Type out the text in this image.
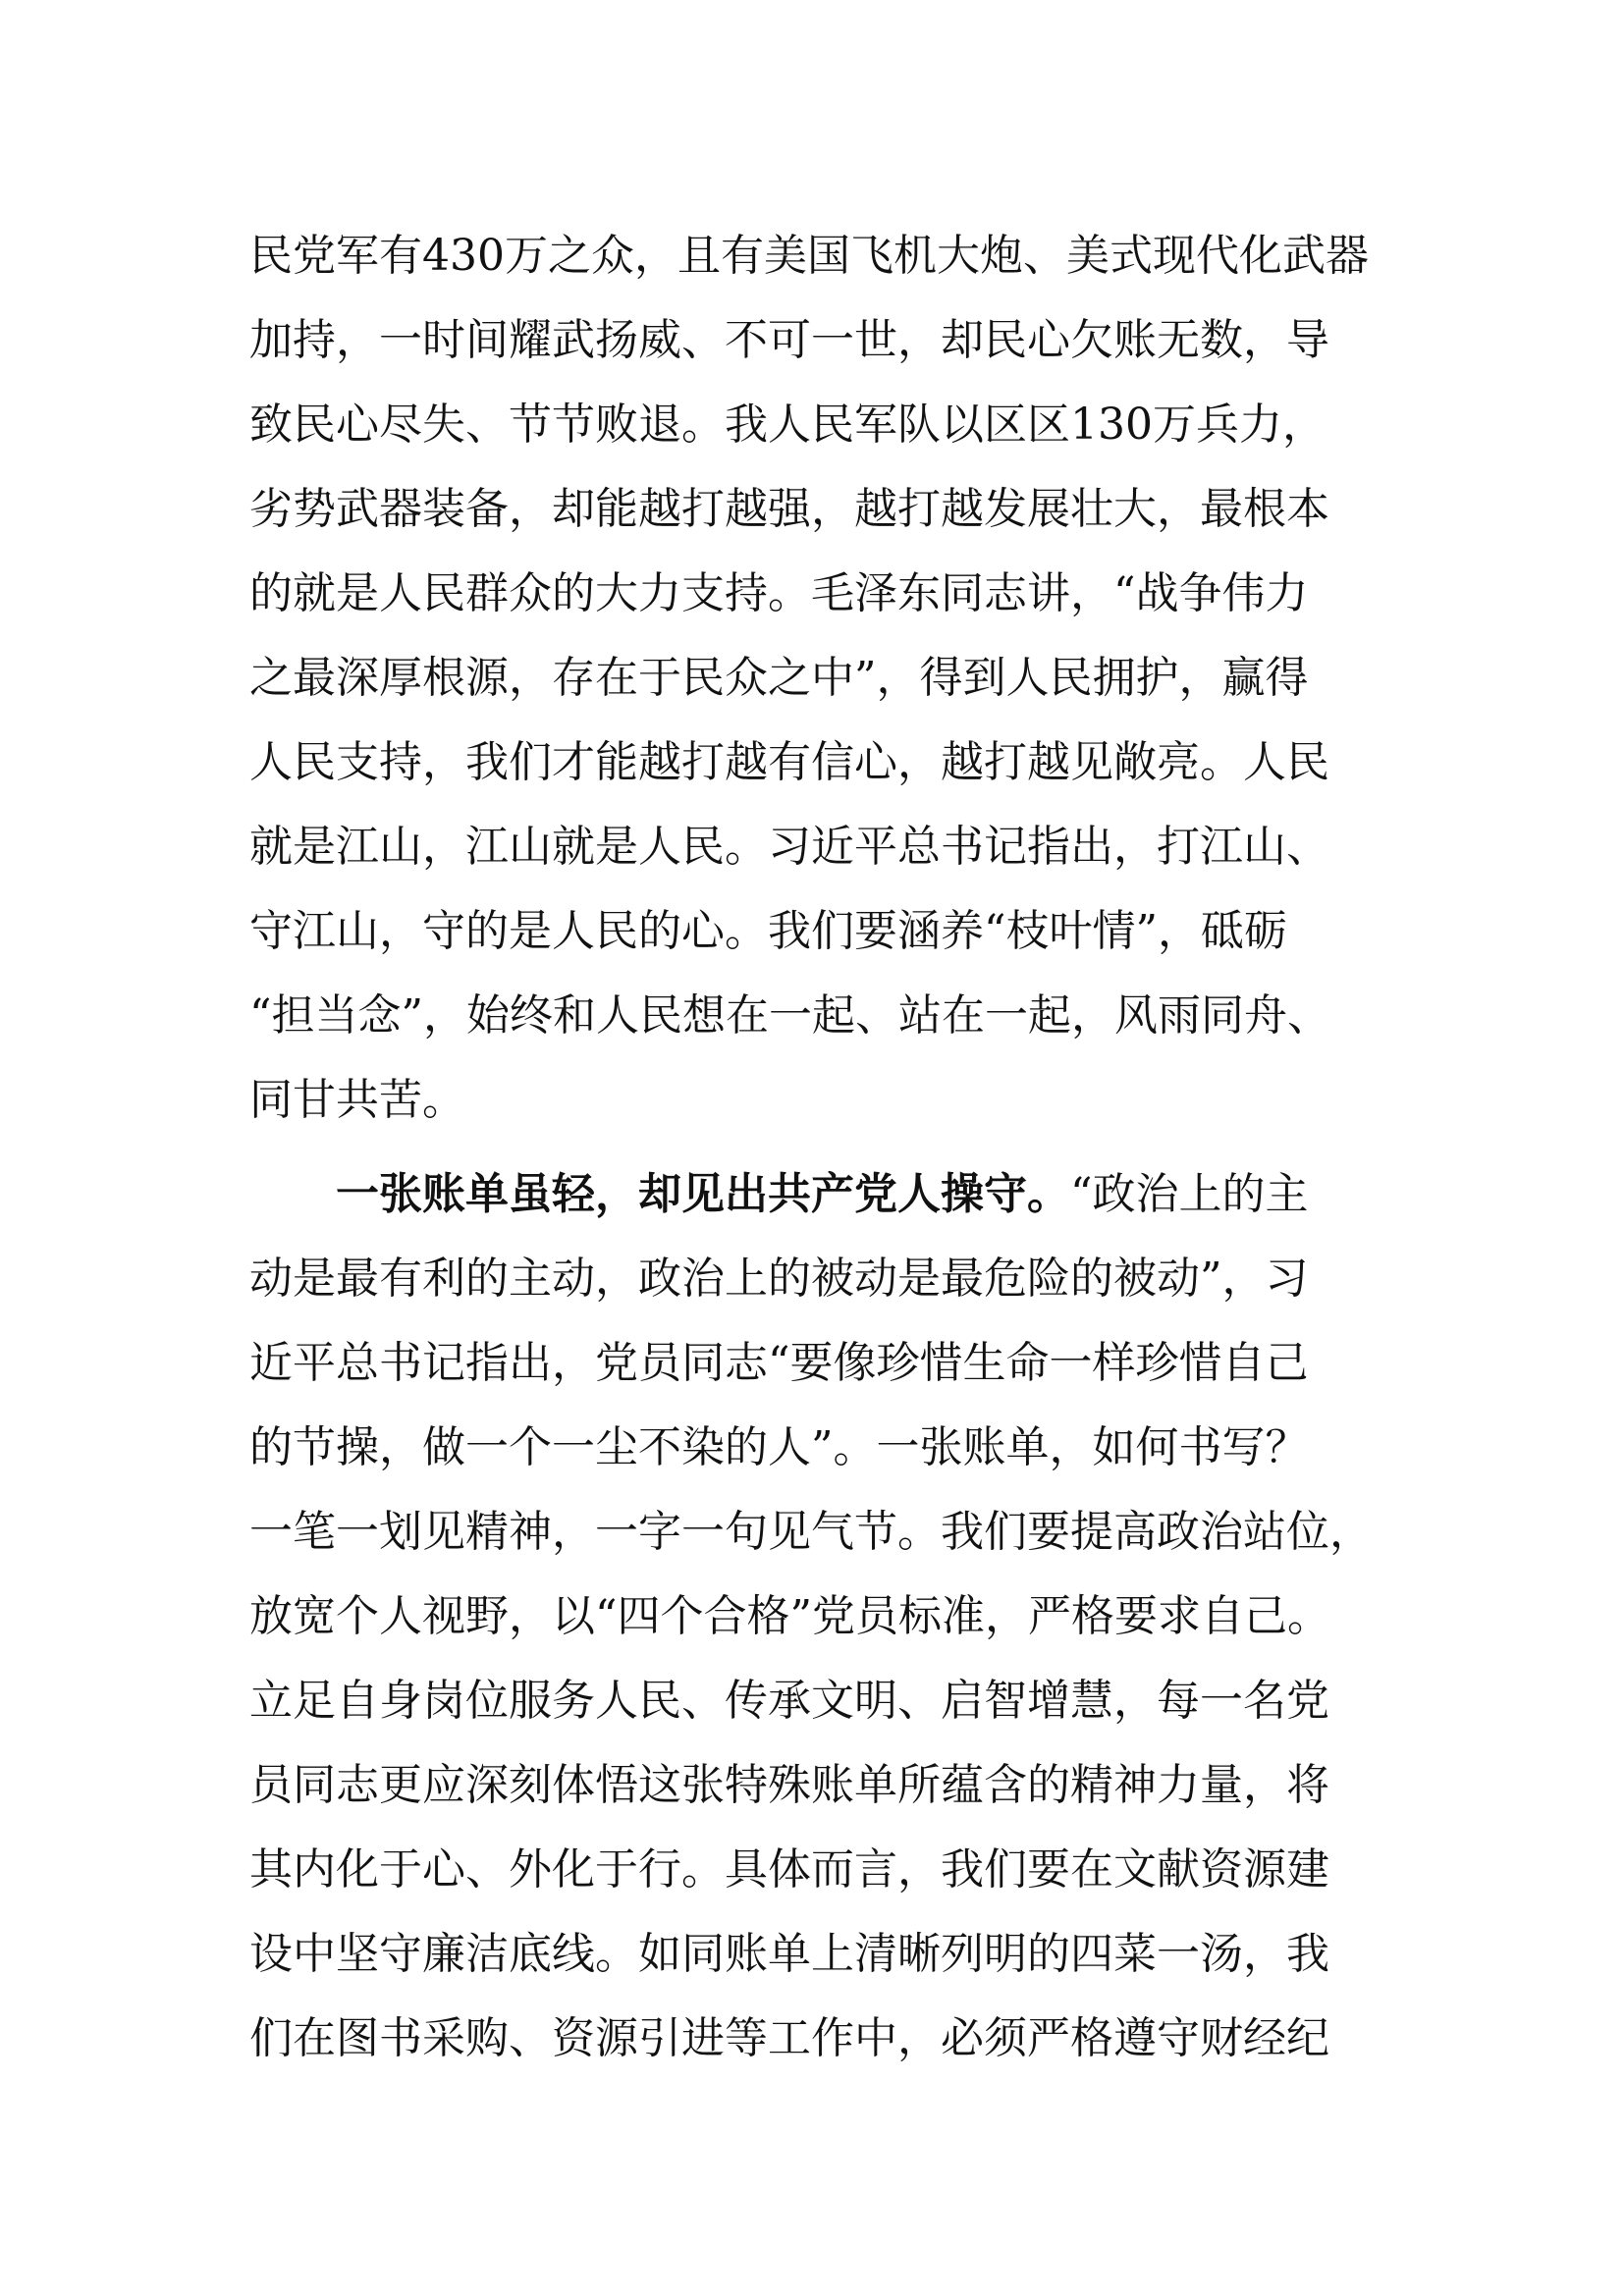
民党军有430万之众，且有美国飞机大炮、美式现代化武器
加持，一时间耀武扬威、不可一世，却民心欠账无数，导
致民心尽失、节节败退。我人民军队以区区130万兵力，
劣势武器装备，却能越打越强，越打越发展壮大，最根本
的就是人民群众的大力支持。毛泽东同志讲，“战争伟力
之最深厚根源，存在于民众之中”，得到人民拥护，赢得
人民支持，我们才能越打越有信心，越打越见敞亮。人民
就是江山，江山就是人民。习近平总书记指出，打江山、
守江山，守的是人民的心。我们要涵养“枝叶情”，砥砺
“担当念”，始终和人民想在一起、站在一起，风雨同舟、
同甘共苦。
一张账单虽轻，却见出共产党人操守。“政治上的主
动是最有利的主动，政治上的被动是最危险的被动”，习
近平总书记指出，党员同志“要像珍惜生命一样珍惜自己
的节操，做一个一尘不染的人”。一张账单，如何书写？
一笔一划见精神，一字一句见气节。我们要提高政治站位，
放宽个人视野，以“四个合格”党员标准，严格要求自己。
立足自身岗位服务人民、传承文明、启智增慧，每一名党
员同志更应深刻体悟这张特殊账单所蕴含的精神力量，将
其内化于心、外化于行。具体而言，我们要在文献资源建
设中坚守廉洁底线。如同账单上清晰列明的四菜一汤，我
们在图书采购、资源引进等工作中，必须严格遵守财经纪
